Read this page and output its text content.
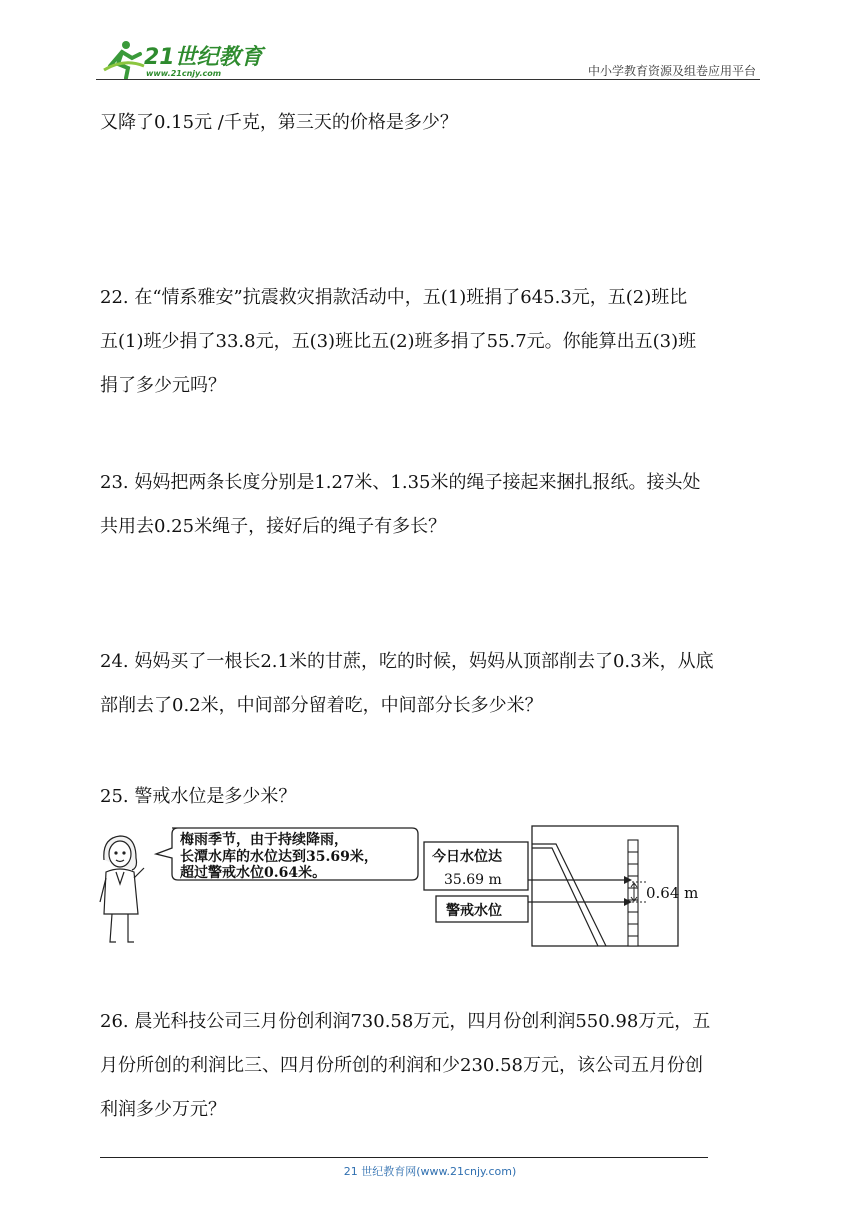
21世纪教育
www.21cnjy.com	中小学教育资源及组卷应用平台

又降了0.15元 /千克，第三天的价格是多少？

22. 在“情系雅安”抗震救灾捐款活动中，五(1)班捐了645.3元，五(2)班比
五(1)班少捐了33.8元，五(3)班比五(2)班多捐了55.7元。你能算出五(3)班
捐了多少元吗？

23. 妈妈把两条长度分别是1.27米、1.35米的绳子接起来捆扎报纸。接头处
共用去0.25米绳子，接好后的绳子有多长？

24. 妈妈买了一根长2.1米的甘蔗，吃的时候，妈妈从顶部削去了0.3米，从底
部削去了0.2米，中间部分留着吃，中间部分长多少米？

25. 警戒水位是多少米？

梅雨季节，由于持续降雨，
长潭水库的水位达到35.69米，
超过警戒水位0.64米。
今日水位达
35.69 m
警戒水位
0.64 m

26. 晨光科技公司三月份创利润730.58万元，四月份创利润550.98万元，五
月份所创的利润比三、四月份所创的利润和少230.58万元，该公司五月份创
利润多少万元？

21 世纪教育网(www.21cnjy.com)
